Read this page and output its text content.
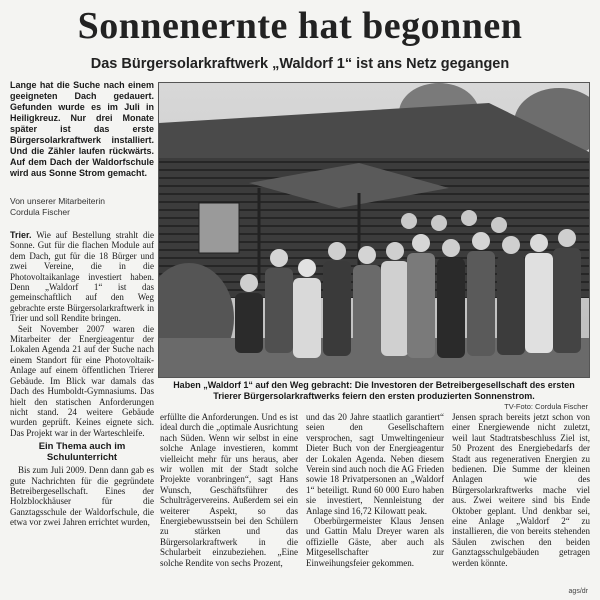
Sonnenernte hat begonnen
Das Bürgersolarkraftwerk „Waldorf 1“ ist ans Netz gegangen
Lange hat die Suche nach einem geeigneten Dach gedauert. Gefunden wurde es im Juli in Heiligkreuz. Nur drei Monate später ist das erste Bürgersolarkraftwerk installiert. Und die Zähler laufen rückwärts. Auf dem Dach der Waldorfschule wird aus Sonne Strom gemacht.
Von unserer Mitarbeiterin
Cordula Fischer

Trier. Wie auf Bestellung strahlt die Sonne. Gut für die flachen Module auf dem Dach, gut für die 18 Bürger und zwei Vereine, die in die Photovoltaikanlage investiert haben. Denn „Waldorf 1“ ist das gemeinschaftlich auf den Weg gebrachte erste Bürgersolarkraftwerk in Trier und soll Rendite bringen.

Seit November 2007 waren die Mitarbeiter der Energieagentur der Lokalen Agenda 21 auf der Suche nach einem Standort für eine Photovoltaik-Anlage auf einem öffentlichen Trierer Gebäude. Im Blick war damals das Dach des Humboldt-Gymnasiums. Das hielt den statischen Anforderungen nicht stand. 24 weitere Gebäude wurden geprüft. Keines eignete sich. Das Projekt war in der Warteschleife.

Ein Thema auch im Schulunterricht

Bis zum Juli 2009. Denn dann gab es gute Nachrichten für die gegründete Betreibergesellschaft. Eines der Holzblockhäuser für die Ganztagsschule der Waldorfschule, die etwa vor zwei Jahren errichtet wurden,

Haben „Waldorf 1“ auf den Weg gebracht: Die Investoren der Betreibergesellschaft des ersten Trierer Bürgersolarkraftwerks feiern den ersten produzierten Sonnenstrom.
TV-Foto: Cordula Fischer

erfüllte die Anforderungen. Und es ist ideal durch die „optimale Ausrichtung nach Süden. Wenn wir selbst in eine solche Anlage investieren, kommt vielleicht mehr für uns heraus, aber wir wollen mit der Stadt solche Projekte voranbringen“, sagt Hans Wunsch, Geschäftsführer des Schulträgervereins. Außerdem sei ein weiterer Aspekt, so das Energiebewusstsein bei den Schülern zu stärken und das Bürgersolarkraftwerk in die Schularbeit einzubeziehen. „Eine solche Rendite von sechs Prozent,

und das 20 Jahre staatlich garantiert“ seien den Gesellschaftern versprochen, sagt Umweltingenieur Dieter Buch von der Energieagentur der Lokalen Agenda. Neben diesem Verein sind auch noch die AG Frieden sowie 18 Privatpersonen an „Waldorf 1“ beteiligt. Rund 60 000 Euro haben sie investiert, Nennleistung der Anlage sind 16,72 Kilowatt peak.

Oberbürgermeister Klaus Jensen und Gattin Malu Dreyer waren als offizielle Gäste, aber auch als Mitgesellschafter zur Einweihungsfeier gekommen.

Jensen sprach bereits jetzt schon von einer Energiewende nicht zuletzt, weil laut Stadtratsbeschluss Ziel ist, 50 Prozent des Energiebedarfs der Stadt aus regenerativen Energien zu bedienen. Die Summe der kleinen Anlagen wie des Bürgersolarkraftwerks mache viel aus. Zwei weitere sind bis Ende Oktober geplant. Und denkbar sei, eine Anlage „Waldorf 2“ zu installieren, die von bereits stehenden Säulen zwischen den beiden Ganztagsschulgebäuden getragen werden könnte.

ags/dr
